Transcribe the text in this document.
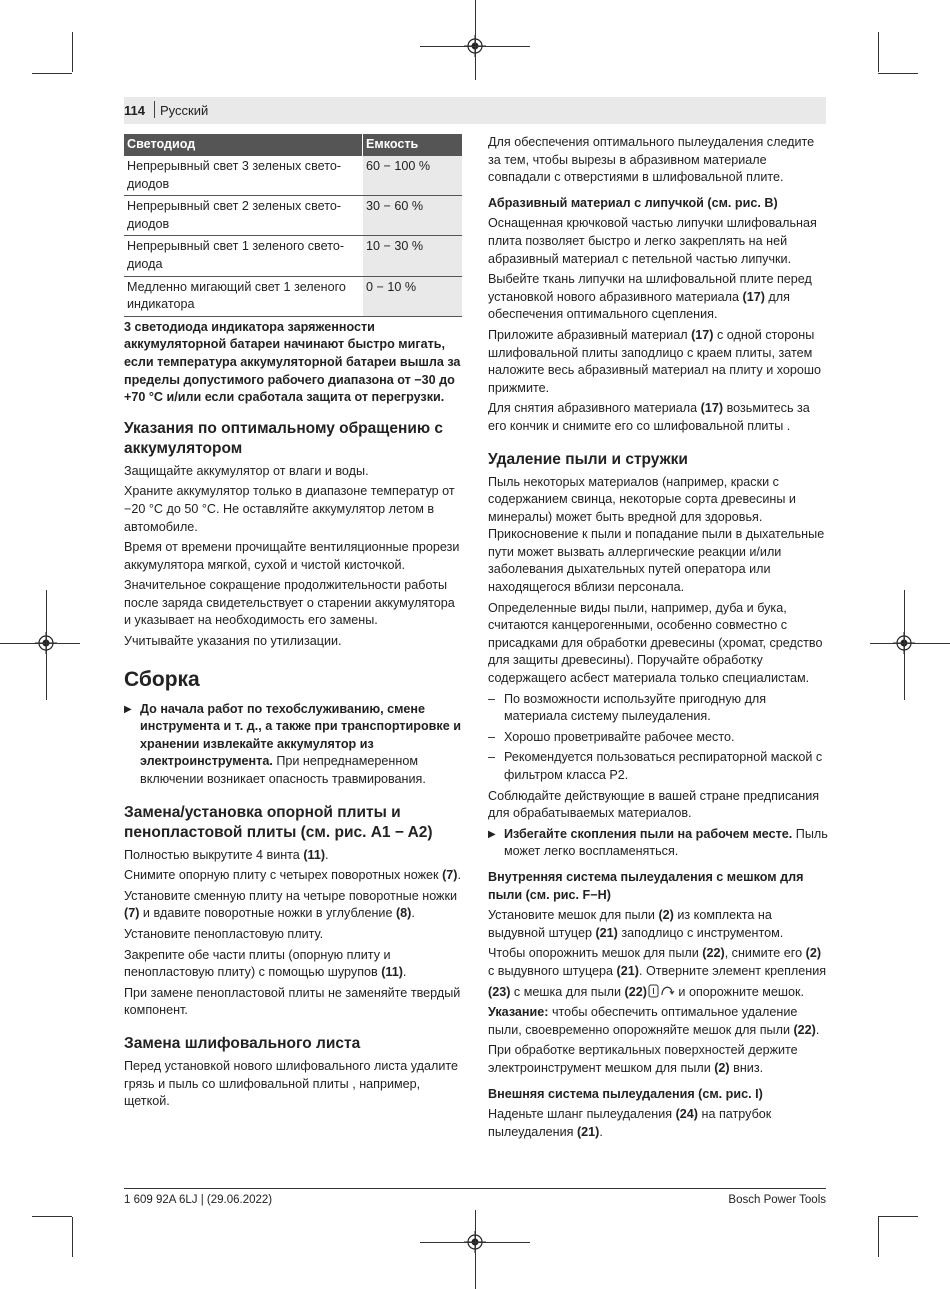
114 Русский
Светодиод	Емкость
Непрерывный свет 3 зеленых свето-диодов	60 − 100 %
Непрерывный свет 2 зеленых свето-диодов	30 − 60 %
Непрерывный свет 1 зеленого свето-диода	10 − 30 %
Медленно мигающий свет 1 зеленого индикатора	0 − 10 %

3 светодиода индикатора заряженности аккумуляторной батареи начинают быстро мигать, если температура аккумуляторной батареи вышла за пределы допустимого рабочего диапазона от −30 до +70 °C и/или если сработала защита от перегрузки.

Указания по оптимальному обращению с аккумулятором

Защищайте аккумулятор от влаги и воды.

Храните аккумулятор только в диапазоне температур от −20 °C до 50 °C. Не оставляйте аккумулятор летом в автомобиле.

Время от времени прочищайте вентиляционные прорези аккумулятора мягкой, сухой и чистой кисточкой.

Значительное сокращение продолжительности работы после заряда свидетельствует о старении аккумулятора и указывает на необходимость его замены.

Учитывайте указания по утилизации.

Сборка

▶ До начала работ по техобслуживанию, смене инструмента и т. д., а также при транспортировке и хранении извлекайте аккумулятор из электроинструмента. При непреднамеренном включении возникает опасность травмирования.

Замена/установка опорной плиты и пенопластовой плиты (см. рис. A1 − A2)

Полностью выкрутите 4 винта (11).

Снимите опорную плиту с четырех поворотных ножек (7).

Установите сменную плиту на четыре поворотные ножки (7) и вдавите поворотные ножки в углубление (8).

Установите пенопластовую плиту.

Закрепите обе части плиты (опорную плиту и пенопластовую плиту) с помощью шурупов (11).

При замене пенопластовой плиты не заменяйте твердый компонент.

Замена шлифовального листа

Перед установкой нового шлифовального листа удалите грязь и пыль со шлифовальной плиты , например, щеткой.

Для обеспечения оптимального пылеудаления следите за тем, чтобы вырезы в абразивном материале совпадали с отверстиями в шлифовальной плите.

Абразивный материал с липучкой (см. рис. B)

Оснащенная крючковой частью липучки шлифовальная плита позволяет быстро и легко закреплять на ней абразивный материал с петельной частью липучки.

Выбейте ткань липучки на шлифовальной плите перед установкой нового абразивного материала (17) для обеспечения оптимального сцепления.

Приложите абразивный материал (17) с одной стороны шлифовальной плиты заподлицо с краем плиты, затем наложите весь абразивный материал на плиту и хорошо прижмите.

Для снятия абразивного материала (17) возьмитесь за его кончик и снимите его со шлифовальной плиты .

Удаление пыли и стружки

Пыль некоторых материалов (например, краски с содержанием свинца, некоторые сорта древесины и минералы) может быть вредной для здоровья. Прикосновение к пыли и попадание пыли в дыхательные пути может вызвать аллергические реакции и/или заболевания дыхательных путей оператора или находящегося вблизи персонала.

Определенные виды пыли, например, дуба и бука, считаются канцерогенными, особенно совместно с присадками для обработки древесины (хромат, средство для защиты древесины). Поручайте обработку содержащего асбест материала только специалистам.

– По возможности используйте пригодную для материала систему пылеудаления.

– Хорошо проветривайте рабочее место.

– Рекомендуется пользоваться респираторной маской с фильтром класса P2.

Соблюдайте действующие в вашей стране предписания для обрабатываемых материалов.

▶ Избегайте скопления пыли на рабочем месте. Пыль может легко воспламеняться.

Внутренняя система пылеудаления с мешком для пыли (см. рис. F−H)

Установите мешок для пыли (2) из комплекта на выдувной штуцер (21) заподлицо с инструментом.

Чтобы опорожнить мешок для пыли (22), снимите его (2) с выдувного штуцера (21). Отверните элемент крепления (23) с мешка для пыли (22) и опорожните мешок.

Указание: чтобы обеспечить оптимальное удаление пыли, своевременно опорожняйте мешок для пыли (22).

При обработке вертикальных поверхностей держите электроинструмент мешком для пыли (2) вниз.

Внешняя система пылеудаления (см. рис. I)

Наденьте шланг пылеудаления (24) на патрубок пылеудаления (21).

1 609 92A 6LJ | (29.06.2022)	Bosch Power Tools
